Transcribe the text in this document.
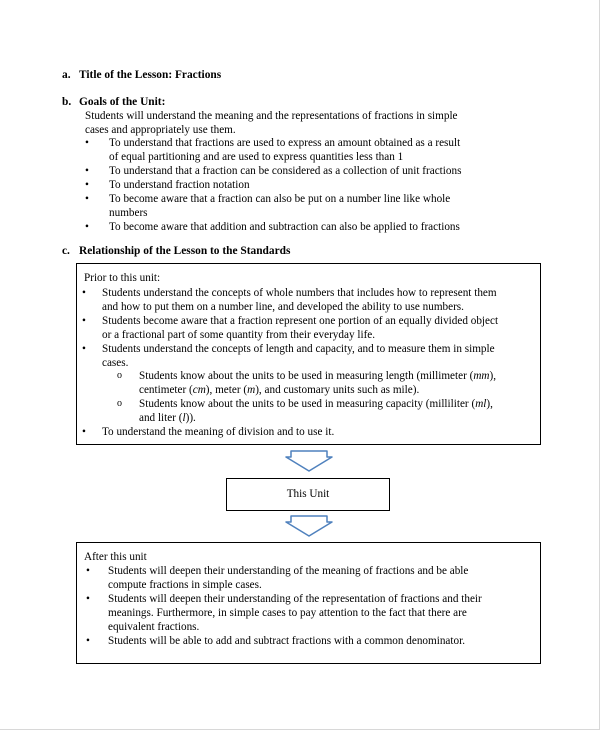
a. Title of the Lesson: Fractions
b. Goals of the Unit:
Students will understand the meaning and the representations of fractions in simple
cases and appropriately use them.
• To understand that fractions are used to express an amount obtained as a result
of equal partitioning and are used to express quantities less than 1
• To understand that a fraction can be considered as a collection of unit fractions
• To understand fraction notation
• To become aware that a fraction can also be put on a number line like whole
numbers
• To become aware that addition and subtraction can also be applied to fractions
c. Relationship of the Lesson to the Standards
Prior to this unit:
• Students understand the concepts of whole numbers that includes how to represent them
and how to put them on a number line, and developed the ability to use numbers.
• Students become aware that a fraction represent one portion of an equally divided object
or a fractional part of some quantity from their everyday life.
• Students understand the concepts of length and capacity, and to measure them in simple
cases.
o Students know about the units to be used in measuring length (millimeter (mm),
centimeter (cm), meter (m), and customary units such as mile).
o Students know about the units to be used in measuring capacity (milliliter (ml),
and liter (l)).
• To understand the meaning of division and to use it.
This Unit
After this unit
• Students will deepen their understanding of the meaning of fractions and be able
compute fractions in simple cases.
• Students will deepen their understanding of the representation of fractions and their
meanings. Furthermore, in simple cases to pay attention to the fact that there are
equivalent fractions.
• Students will be able to add and subtract fractions with a common denominator.
